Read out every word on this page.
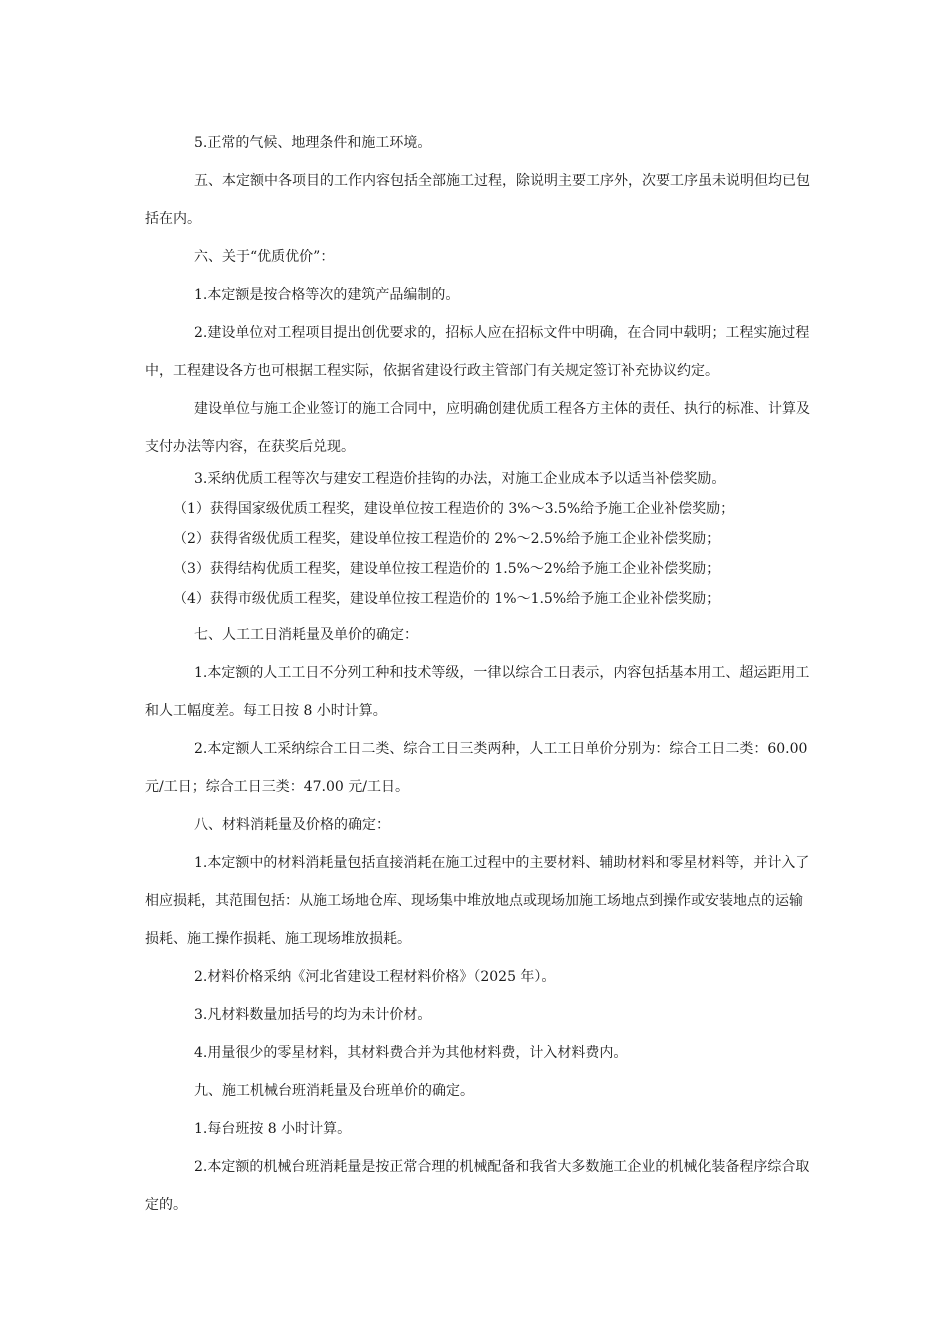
5.正常的气候、地理条件和施工环境。

五、本定额中各项目的工作内容包括全部施工过程，除说明主要工序外，次要工序虽未说明但均已包括在内。

六、关于“优质优价”：

1.本定额是按合格等次的建筑产品编制的。

2.建设单位对工程项目提出创优要求的，招标人应在招标文件中明确，在合同中载明；工程实施过程中，工程建设各方也可根据工程实际，依据省建设行政主管部门有关规定签订补充协议约定。

建设单位与施工企业签订的施工合同中，应明确创建优质工程各方主体的责任、执行的标准、计算及支付办法等内容，在获奖后兑现。

3.采纳优质工程等次与建安工程造价挂钩的办法，对施工企业成本予以适当补偿奖励。

（1）获得国家级优质工程奖，建设单位按工程造价的 3%～3.5%给予施工企业补偿奖励；

（2）获得省级优质工程奖，建设单位按工程造价的 2%～2.5%给予施工企业补偿奖励；

（3）获得结构优质工程奖，建设单位按工程造价的 1.5%～2%给予施工企业补偿奖励；

（4）获得市级优质工程奖，建设单位按工程造价的 1%～1.5%给予施工企业补偿奖励；

七、人工工日消耗量及单价的确定：

1.本定额的人工工日不分列工种和技术等级，一律以综合工日表示，内容包括基本用工、超运距用工和人工幅度差。每工日按 8 小时计算。

2.本定额人工采纳综合工日二类、综合工日三类两种，人工工日单价分别为：综合工日二类：60.00 元/工日；综合工日三类：47.00 元/工日。

八、材料消耗量及价格的确定：

1.本定额中的材料消耗量包括直接消耗在施工过程中的主要材料、辅助材料和零星材料等，并计入了相应损耗，其范围包括：从施工场地仓库、现场集中堆放地点或现场加施工场地点到操作或安装地点的运输损耗、施工操作损耗、施工现场堆放损耗。

2.材料价格采纳《河北省建设工程材料价格》（2025 年）。

3.凡材料数量加括号的均为未计价材。

4.用量很少的零星材料，其材料费合并为其他材料费，计入材料费内。

九、施工机械台班消耗量及台班单价的确定。

1.每台班按 8 小时计算。

2.本定额的机械台班消耗量是按正常合理的机械配备和我省大多数施工企业的机械化装备程序综合取定的。
